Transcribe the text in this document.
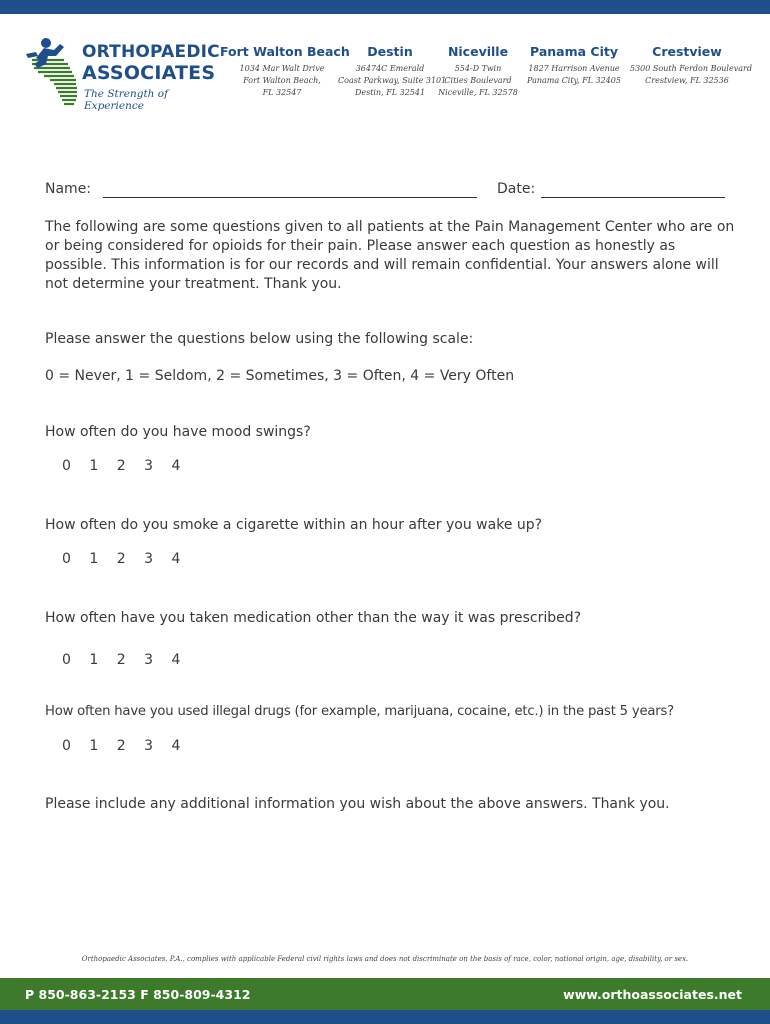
ORTHOPAEDIC
ASSOCIATES
The Strength of Experience
Fort Walton Beach
1034 Mar Walt Drive
Fort Walton Beach,
FL 32547
Destin
36474C Emerald
Coast Parkway, Suite 3101
Destin, FL 32541
Niceville
554-D Twin
Cities Boulevard
Niceville, FL 32578
Panama City
1827 Harrison Avenue
Panama City, FL 32405
Crestview
5300 South Ferdon Boulevard
Crestview, FL 32536
Name:	Date:
The following are some questions given to all patients at the Pain Management Center who are on or being considered for opioids for their pain. Please answer each question as honestly as possible. This information is for our records and will remain confidential. Your answers alone will not determine your treatment. Thank you.
Please answer the questions below using the following scale:
0 = Never, 1 = Seldom, 2 = Sometimes, 3 = Often, 4 = Very Often
How often do you have mood swings?
0 1 2 3 4
How often do you smoke a cigarette within an hour after you wake up?
0 1 2 3 4
How often have you taken medication other than the way it was prescribed?
0 1 2 3 4
How often have you used illegal drugs (for example, marijuana, cocaine, etc.) in the past 5 years?
0 1 2 3 4
Please include any additional information you wish about the above answers. Thank you.
Orthopaedic Associates, P.A., complies with applicable Federal civil rights laws and does not discriminate on the basis of race, color, national origin, age, disability, or sex.
P 850-863-2153 F 850-809-4312	www.orthoassociates.net
